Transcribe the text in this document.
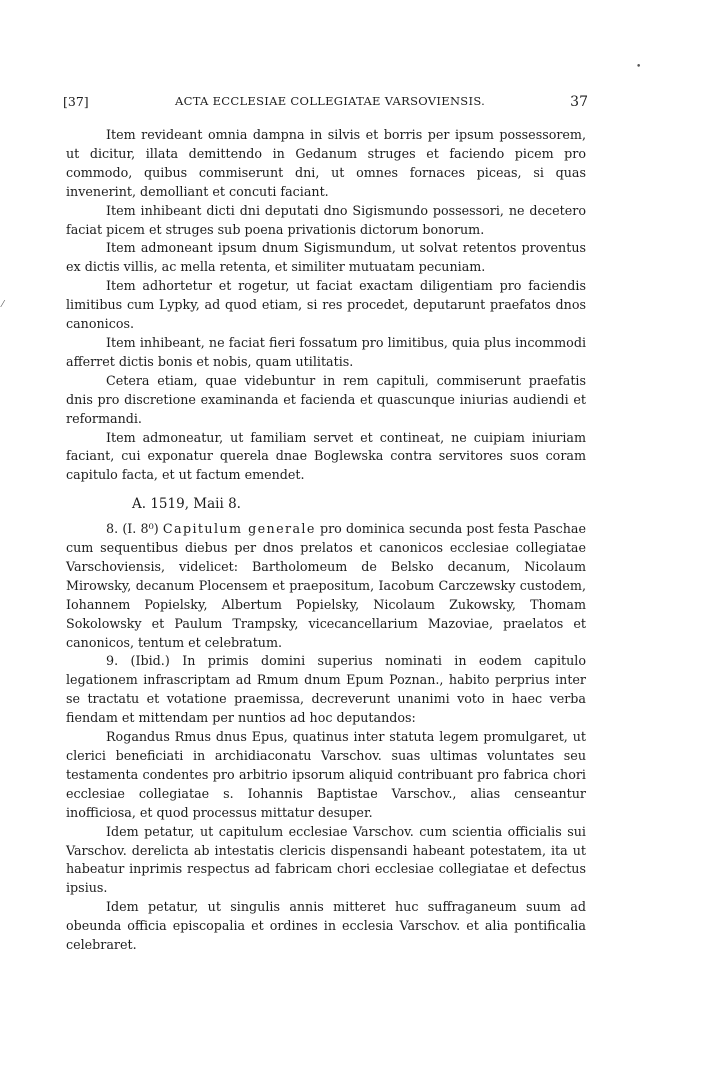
[37]	ACTA ECCLESIAE COLLEGIATAE VARSOVIENSIS.	37
•
⁄

Item revideant omnia dampna in silvis et borris per ipsum possessorem, ut dicitur, illata demittendo in Gedanum struges et faciendo picem pro commodo, quibus commiserunt dni, ut omnes fornaces piceas, si quas invenerint, demolliant et concuti faciant.

Item inhibeant dicti dni deputati dno Sigismundo possessori, ne decetero faciat picem et struges sub poena privationis dictorum bonorum.

Item admoneant ipsum dnum Sigismundum, ut solvat retentos proventus ex dictis villis, ac mella retenta, et similiter mutuatam pecuniam.

Item adhortetur et rogetur, ut faciat exactam diligentiam pro faciendis limitibus cum Lypky, ad quod etiam, si res procedet, deputarunt praefatos dnos canonicos.

Item inhibeant, ne faciat fieri fossatum pro limitibus, quia plus incommodi afferret dictis bonis et nobis, quam utilitatis.

Cetera etiam, quae videbuntur in rem capituli, commiserunt praefatis dnis pro discretione examinanda et facienda et quascunque iniurias audiendi et reformandi.

Item admoneatur, ut familiam servet et contineat, ne cuipiam iniuriam faciant, cui exponatur querela dnae Boglewska contra servitores suos coram capitulo facta, et ut factum emendet.

A. 1519, Maii 8.

8. (I. 8⁰) Capitulum generale pro dominica secunda post festa Paschae cum sequentibus diebus per dnos prelatos et canonicos ecclesiae collegiatae Varschoviensis, videlicet: Bartholomeum de Belsko decanum, Nicolaum Mirowsky, decanum Plocensem et praepositum, Iacobum Carczewsky custodem, Iohannem Popielsky, Albertum Popielsky, Nicolaum Zukowsky, Thomam Sokolowsky et Paulum Trampsky, vicecancellarium Mazoviae, praelatos et canonicos, tentum et celebratum.

9. (Ibid.) In primis domini superius nominati in eodem capitulo legationem infrascriptam ad Rmum dnum Epum Poznan., habito perprius inter se tractatu et votatione praemissa, decreverunt unanimi voto in haec verba fiendam et mittendam per nuntios ad hoc deputandos:

Rogandus Rmus dnus Epus, quatinus inter statuta legem promulgaret, ut clerici beneficiati in archidiaconatu Varschov. suas ultimas voluntates seu testamenta condentes pro arbitrio ipsorum aliquid contribuant pro fabrica chori ecclesiae collegiatae s. Iohannis Baptistae Varschov., alias censeantur inofficiosa, et quod processus mittatur desuper.

Idem petatur, ut capitulum ecclesiae Varschov. cum scientia officialis sui Varschov. derelicta ab intestatis clericis dispensandi habeant potestatem, ita ut habeatur inprimis respectus ad fabricam chori ecclesiae collegiatae et defectus ipsius.

Idem petatur, ut singulis annis mitteret huc suffraganeum suum ad obeunda officia episcopalia et ordines in ecclesia Varschov. et alia pontificalia celebraret.
